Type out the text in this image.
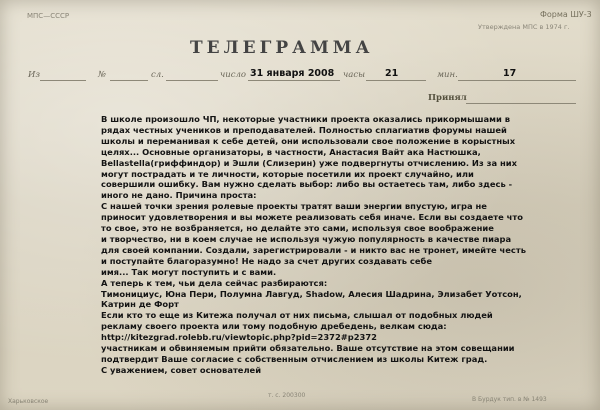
МПС—СССР	Форма ШУ-3
Утверждена МПС в 1974 г.
ТЕЛЕГРАММА
Из	№	сл.	число 31 января 2008 часы 21	мин.	17
Принял
В школе произошло ЧП, некоторые участники проекта оказались прикормышами в
рядах честных учеников и преподавателей. Полностью сплагиатив форумы нашей
школы и переманивая к себе детей, они использовали свое положение в корыстных
целях... Основные организаторы, в частности, Анастасия Вайт ака Настюшка,
Bellastella(гриффиндор) и Эшли (Слизерин) уже подвергнуты отчислению. Из за них
могут пострадать и те личности, которые посетили их проект случайно, или
совершили ошибку. Вам нужно сделать выбор: либо вы остаетесь там, либо здесь -
иного не дано. Причина проста:
С нашей точки зрения ролевые проекты тратят ваши энергии впустую, игра не
приносит удовлетворения и вы можете реализовать себя иначе. Если вы создаете что
то свое, это не возбраняется, но делайте это сами, используя свое воображение
и творчество, ни в коем случае не используя чужую популярность в качестве пиара
для своей компании. Создали, зарегистрировали - и никто вас не тронет, имейте честь
и поступайте благоразумно! Не надо за счет других создавать себе
имя... Так могут поступить и с вами.
А теперь к тем, чьи дела сейчас разбираются:
Тимонициус, Юна Пери, Полумна Лавгуд, Shadow, Алесия Шадрина, Элизабет Уотсон,
Катрин де Форт
Если кто то еще из Китежа получал от них письма, слышал от подобных людей
рекламу своего проекта или тому подобную дребедень, велкам сюда:
http://kitezgrad.rolebb.ru/viewtopic.php?pid=2372#p2372
участникам и обвиняемым прийти обязательно. Ваше отсутствие на этом совещании
подтвердит Ваше согласие с собственным отчислением из школы Китеж град.
С уважением, совет основателей
Харьковское
т. с. 200300
В Бурдук тип. в № 1493
